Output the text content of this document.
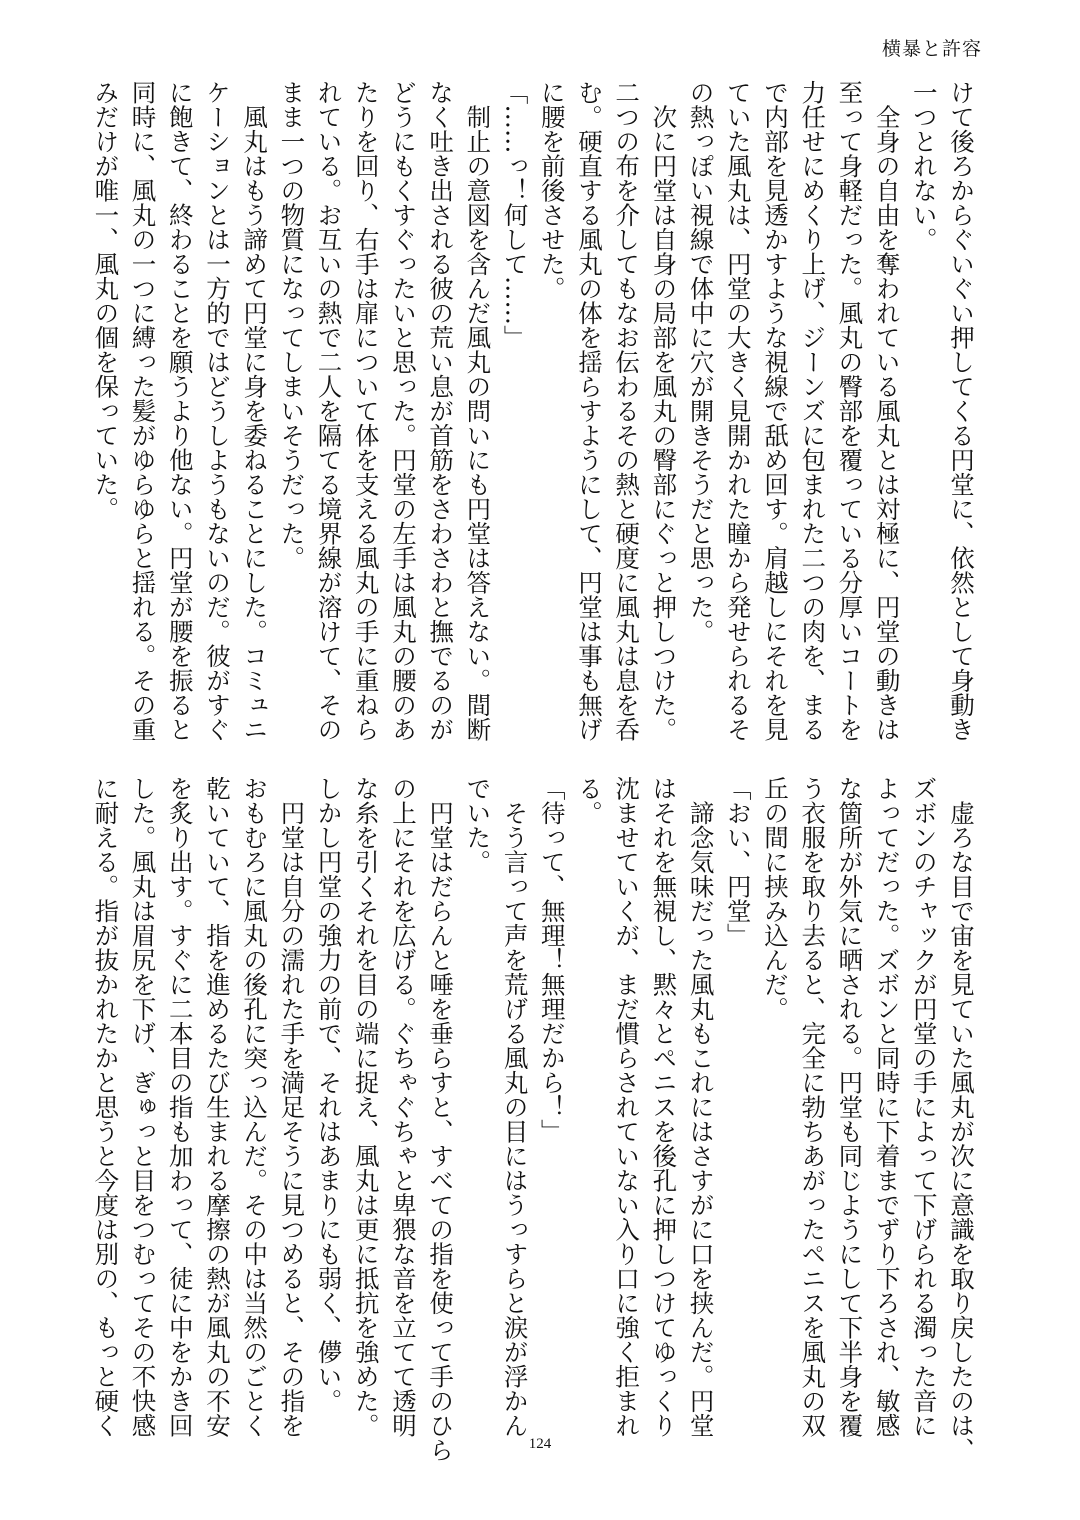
横暴と許容
けて後ろからぐいぐい押してくる円堂に、依然として身動き
一つとれない。
　全身の自由を奪われている風丸とは対極に、円堂の動きは
至って身軽だった。風丸の臀部を覆っている分厚いコートを
力任せにめくり上げ、ジーンズに包まれた二つの肉を、まる
で内部を見透かすような視線で舐め回す。肩越しにそれを見
ていた風丸は、円堂の大きく見開かれた瞳から発せられるそ
の熱っぽい視線で体中に穴が開きそうだと思った。
　次に円堂は自身の局部を風丸の臀部にぐっと押しつけた。
二つの布を介してもなお伝わるその熱と硬度に風丸は息を呑
む。硬直する風丸の体を揺らすようにして、円堂は事も無げ
に腰を前後させた。
「……っ！何して……」
　制止の意図を含んだ風丸の問いにも円堂は答えない。間断
なく吐き出される彼の荒い息が首筋をさわさわと撫でるのが
どうにもくすぐったいと思った。円堂の左手は風丸の腰のあ
たりを回り、右手は扉について体を支える風丸の手に重ねら
れている。お互いの熱で二人を隔てる境界線が溶けて、その
まま一つの物質になってしまいそうだった。
　風丸はもう諦めて円堂に身を委ねることにした。コミュニ
ケーションとは一方的ではどうしようもないのだ。彼がすぐ
に飽きて、終わることを願うより他ない。円堂が腰を振ると
同時に、風丸の一つに縛った髪がゆらゆらと揺れる。その重
みだけが唯一、風丸の個を保っていた。
　虚ろな目で宙を見ていた風丸が次に意識を取り戻したのは、
ズボンのチャックが円堂の手によって下げられる濁った音に
よってだった。ズボンと同時に下着までずり下ろされ、敏感
な箇所が外気に晒される。円堂も同じようにして下半身を覆
う衣服を取り去ると、完全に勃ちあがったペニスを風丸の双
丘の間に挟み込んだ。
「おい、円堂」
　諦念気味だった風丸もこれにはさすがに口を挟んだ。円堂
はそれを無視し、黙々とペニスを後孔に押しつけてゆっくり
沈ませていくが、まだ慣らされていない入り口に強く拒まれ
る。
「待って、無理！無理だから！」
　そう言って声を荒げる風丸の目にはうっすらと涙が浮かん
でいた。
　円堂はだらんと唾を垂らすと、すべての指を使って手のひら
の上にそれを広げる。ぐちゃぐちゃと卑猥な音を立てて透明
な糸を引くそれを目の端に捉え、風丸は更に抵抗を強めた。
しかし円堂の強力の前で、それはあまりにも弱く、儚い。
　円堂は自分の濡れた手を満足そうに見つめると、その指を
おもむろに風丸の後孔に突っ込んだ。その中は当然のごとく
乾いていて、指を進めるたび生まれる摩擦の熱が風丸の不安
を炙り出す。すぐに二本目の指も加わって、徒に中をかき回
した。風丸は眉尻を下げ、ぎゅっと目をつむってその不快感
に耐える。指が抜かれたかと思うと今度は別の、もっと硬く
124
